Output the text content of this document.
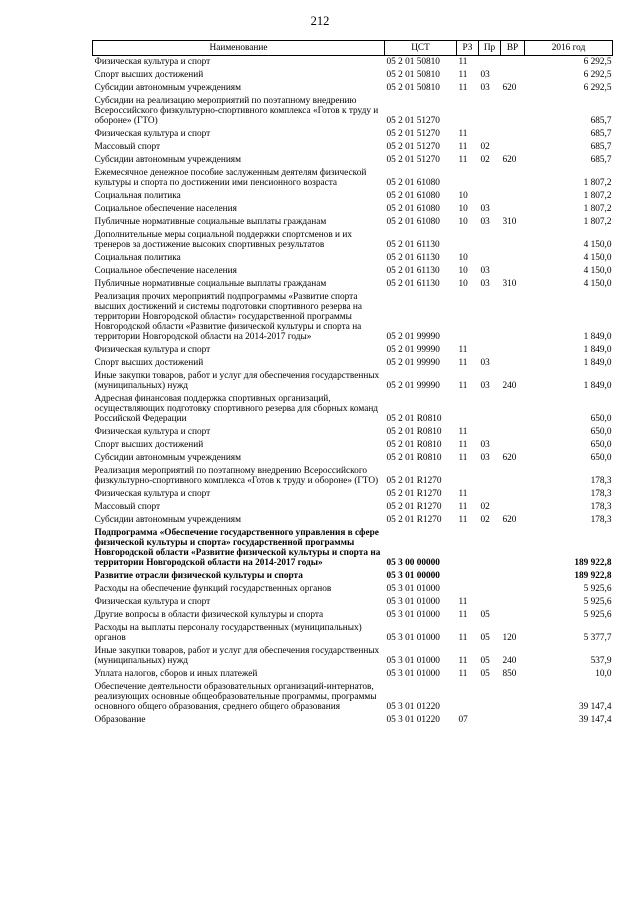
212
Наименование	ЦСТ	РЗ	Пр	ВР	2016 год
Физическая культура и спорт	05 2 01 50810	11			6 292,5
Спорт высших достижений	05 2 01 50810	11	03		6 292,5
Субсидии автономным учреждениям	05 2 01 50810	11	03	620	6 292,5
Субсидии на реализацию мероприятий по поэтапному внедрению Всероссийского физкультурно-спортивного комплекса «Готов к труду и обороне» (ГТО)	05 2 01 51270				685,7
Физическая культура и спорт	05 2 01 51270	11			685,7
Массовый спорт	05 2 01 51270	11	02		685,7
Субсидии автономным учреждениям	05 2 01 51270	11	02	620	685,7
Ежемесячное денежное пособие заслуженным деятелям физической культуры и спорта по достижении ими пенсионного возраста	05 2 01 61080				1 807,2
Социальная политика	05 2 01 61080	10			1 807,2
Социальное обеспечение населения	05 2 01 61080	10	03		1 807,2
Публичные нормативные социальные выплаты гражданам	05 2 01 61080	10	03	310	1 807,2
Дополнительные меры социальной поддержки спортсменов и их тренеров за достижение высоких спортивных результатов	05 2 01 61130				4 150,0
Социальная политика	05 2 01 61130	10			4 150,0
Социальное обеспечение населения	05 2 01 61130	10	03		4 150,0
Публичные нормативные социальные выплаты гражданам	05 2 01 61130	10	03	310	4 150,0
Реализация прочих мероприятий подпрограммы «Развитие спорта высших достижений и системы подготовки спортивного резерва на территории Новгородской области» государственной программы Новгородской области «Развитие физической культуры и спорта на территории Новгородской области на 2014-2017 годы»	05 2 01 99990				1 849,0
Физическая культура и спорт	05 2 01 99990	11			1 849,0
Спорт высших достижений	05 2 01 99990	11	03		1 849,0
Иные закупки товаров, работ и услуг для обеспечения государственных (муниципальных) нужд	05 2 01 99990	11	03	240	1 849,0
Адресная финансовая поддержка спортивных организаций, осуществляющих подготовку спортивного резерва для сборных команд Российской Федерации	05 2 01 R0810				650,0
Физическая культура и спорт	05 2 01 R0810	11			650,0
Спорт высших достижений	05 2 01 R0810	11	03		650,0
Субсидии автономным учреждениям	05 2 01 R0810	11	03	620	650,0
Реализация мероприятий по поэтапному внедрению Всероссийского физкультурно-спортивного комплекса «Готов к труду и обороне» (ГТО)	05 2 01 R1270				178,3
Физическая культура и спорт	05 2 01 R1270	11			178,3
Массовый спорт	05 2 01 R1270	11	02		178,3
Субсидии автономным учреждениям	05 2 01 R1270	11	02	620	178,3
Подпрограмма «Обеспечение государственного управления в сфере физической культуры и спорта» государственной программы Новгородской области «Развитие физической культуры и спорта на территории Новгородской области на 2014-2017 годы»	05 3 00 00000				189 922,8
Развитие отрасли физической культуры и спорта	05 3 01 00000				189 922,8
Расходы на обеспечение функций государственных органов	05 3 01 01000				5 925,6
Физическая культура и спорт	05 3 01 01000	11			5 925,6
Другие вопросы в области физической культуры и спорта	05 3 01 01000	11	05		5 925,6
Расходы на выплаты персоналу государственных (муниципальных) органов	05 3 01 01000	11	05	120	5 377,7
Иные закупки товаров, работ и услуг для обеспечения государственных (муниципальных) нужд	05 3 01 01000	11	05	240	537,9
Уплата налогов, сборов и иных платежей	05 3 01 01000	11	05	850	10,0
Обеспечение деятельности образовательных организаций-интернатов, реализующих основные общеобразовательные программы, программы основного общего образования, среднего общего образования	05 3 01 01220				39 147,4
Образование	05 3 01 01220	07			39 147,4
